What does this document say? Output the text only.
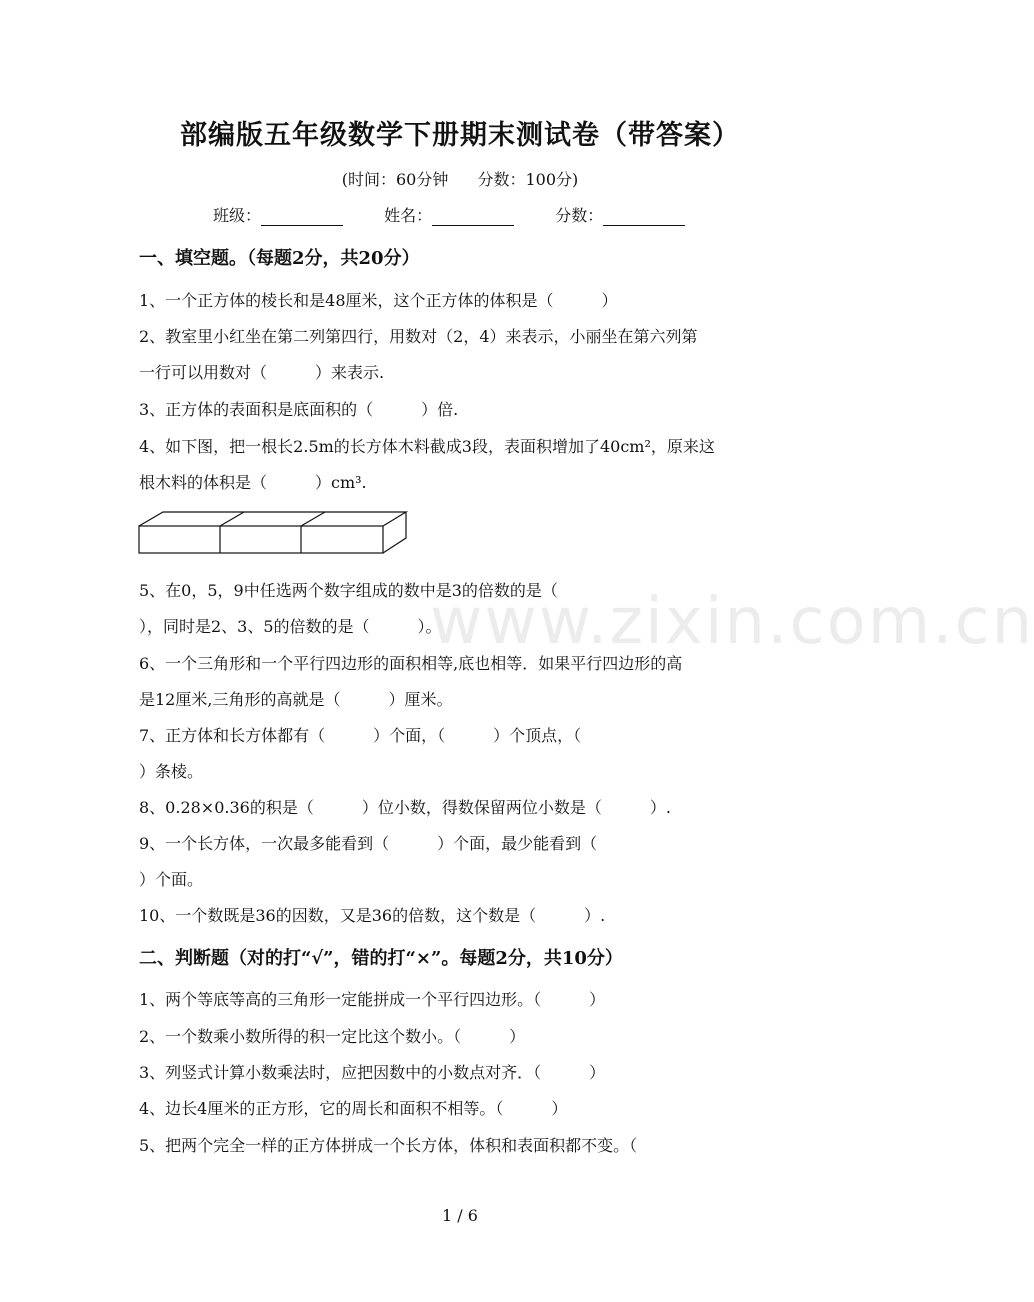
部编版五年级数学下册期末测试卷（带答案）
(时间：60分钟 分数：100分)
班级：	姓名：	分数：
一、填空题。（每题2分，共20分）
1、一个正方体的棱长和是48厘米，这个正方体的体积是（　　　）
2、教室里小红坐在第二列第四行，用数对（2，4）来表示，小丽坐在第六列第
一行可以用数对（　　　）来表示.
3、正方体的表面积是底面积的（　　　）倍.
4、如下图，把一根长2.5m的长方体木料截成3段，表面积增加了40cm²，原来这
根木料的体积是（　　　）cm³.
5、在0，5，9中任选两个数字组成的数中是3的倍数的是（
），同时是2、3、5的倍数的是（　　　）。
6、一个三角形和一个平行四边形的面积相等,底也相等．如果平行四边形的高
是12厘米,三角形的高就是（　　　）厘米。
7、正方体和长方体都有（　　　）个面，（　　　）个顶点，（
）条棱。
8、0.28×0.36的积是（　　　）位小数，得数保留两位小数是（　　　）.
9、一个长方体，一次最多能看到（　　　）个面，最少能看到（
）个面。
10、一个数既是36的因数，又是36的倍数，这个数是（　　　）.
二、判断题（对的打“√”，错的打“×”。每题2分，共10分）
1、两个等底等高的三角形一定能拼成一个平行四边形。（　　　）
2、一个数乘小数所得的积一定比这个数小。（　　　）
3、列竖式计算小数乘法时，应把因数中的小数点对齐．（　　　）
4、边长4厘米的正方形，它的周长和面积不相等。（　　　）
5、把两个完全一样的正方体拼成一个长方体，体积和表面积都不变。（
www.zixin.com.cn
1 / 6
